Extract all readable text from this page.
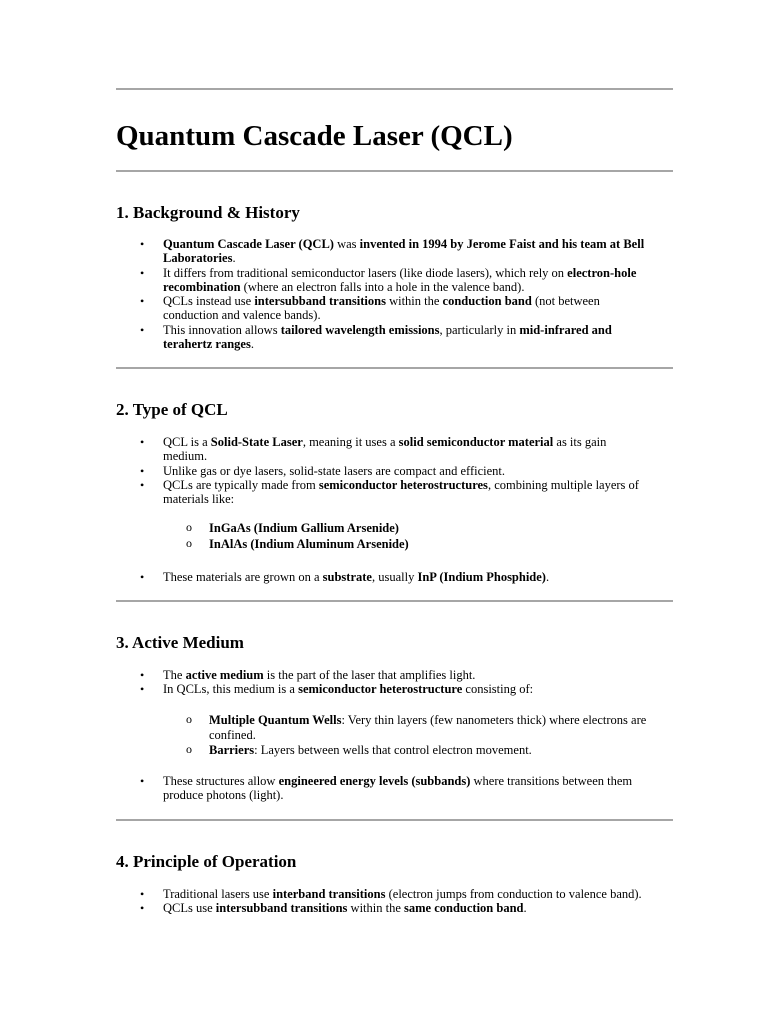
Quantum Cascade Laser (QCL)
1. Background & History
• Quantum Cascade Laser (QCL) was invented in 1994 by Jerome Faist and his team at Bell Laboratories.
• It differs from traditional semiconductor lasers (like diode lasers), which rely on electron-hole recombination (where an electron falls into a hole in the valence band).
• QCLs instead use intersubband transitions within the conduction band (not between conduction and valence bands).
• This innovation allows tailored wavelength emissions, particularly in mid-infrared and terahertz ranges.
2. Type of QCL
• QCL is a Solid-State Laser, meaning it uses a solid semiconductor material as its gain medium.
• Unlike gas or dye lasers, solid-state lasers are compact and efficient.
• QCLs are typically made from semiconductor heterostructures, combining multiple layers of materials like:
o InGaAs (Indium Gallium Arsenide)
o InAlAs (Indium Aluminum Arsenide)
• These materials are grown on a substrate, usually InP (Indium Phosphide).
3. Active Medium
• The active medium is the part of the laser that amplifies light.
• In QCLs, this medium is a semiconductor heterostructure consisting of:
o Multiple Quantum Wells: Very thin layers (few nanometers thick) where electrons are confined.
o Barriers: Layers between wells that control electron movement.
• These structures allow engineered energy levels (subbands) where transitions between them produce photons (light).
4. Principle of Operation
• Traditional lasers use interband transitions (electron jumps from conduction to valence band).
• QCLs use intersubband transitions within the same conduction band.
